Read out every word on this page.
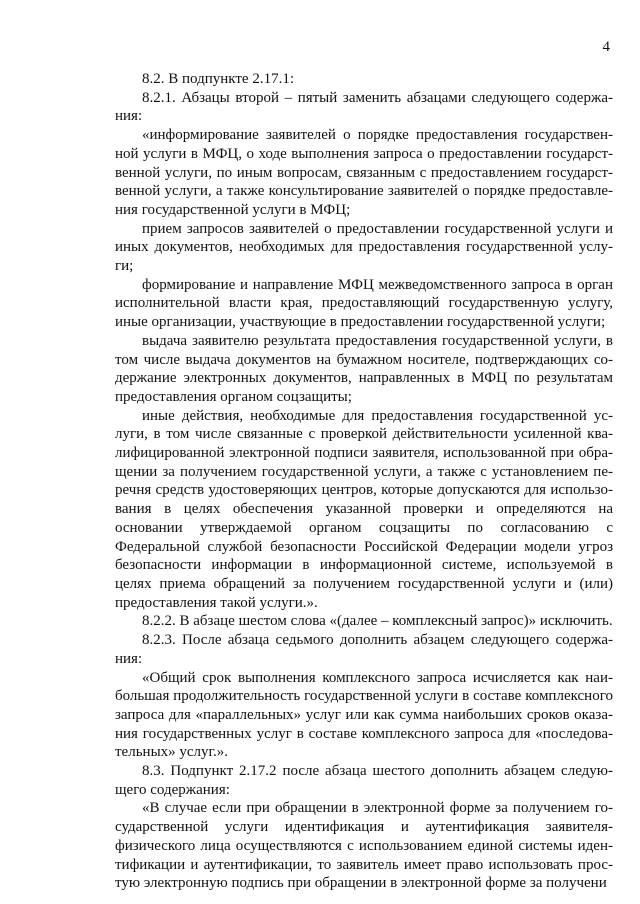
4

8.2. В подпункте 2.17.1:

8.2.1. Абзацы второй – пятый заменить абзацами следующего содержания:

«информирование заявителей о порядке предоставления государственной услуги в МФЦ, о ходе выполнения запроса о предоставлении государственной услуги, по иным вопросам, связанным с предоставлением государственной услуги, а также консультирование заявителей о порядке предоставления государственной услуги в МФЦ;

прием запросов заявителей о предоставлении государственной услуги и иных документов, необходимых для предоставления государственной услуги;

формирование и направление МФЦ межведомственного запроса в орган исполнительной власти края, предоставляющий государственную услугу, иные организации, участвующие в предоставлении государственной услуги;

выдача заявителю результата предоставления государственной услуги, в том числе выдача документов на бумажном носителе, подтверждающих содержание электронных документов, направленных в МФЦ по результатам предоставления органом соцзащиты;

иные действия, необходимые для предоставления государственной услуги, в том числе связанные с проверкой действительности усиленной квалифицированной электронной подписи заявителя, использованной при обращении за получением государственной услуги, а также с установлением перечня средств удостоверяющих центров, которые допускаются для использования в целях обеспечения указанной проверки и определяются на основании утверждаемой органом соцзащиты по согласованию с Федеральной службой безопасности Российской Федерации модели угроз безопасности информации в информационной системе, используемой в целях приема обращений за получением государственной услуги и (или) предоставления такой услуги.».

8.2.2. В абзаце шестом слова «(далее – комплексный запрос)» исключить.

8.2.3. После абзаца седьмого дополнить абзацем следующего содержания:

«Общий срок выполнения комплексного запроса исчисляется как наибольшая продолжительность государственной услуги в составе комплексного запроса для «параллельных» услуг или как сумма наибольших сроков оказания государственных услуг в составе комплексного запроса для «последовательных» услуг.».

8.3. Подпункт 2.17.2 после абзаца шестого дополнить абзацем следующего содержания:

«В случае если при обращении в электронной форме за получением государственной услуги идентификация и аутентификация заявителя-физического лица осуществляются с использованием единой системы идентификации и аутентификации, то заявитель имеет право использовать простую электронную подпись при обращении в электронной форме за получени
